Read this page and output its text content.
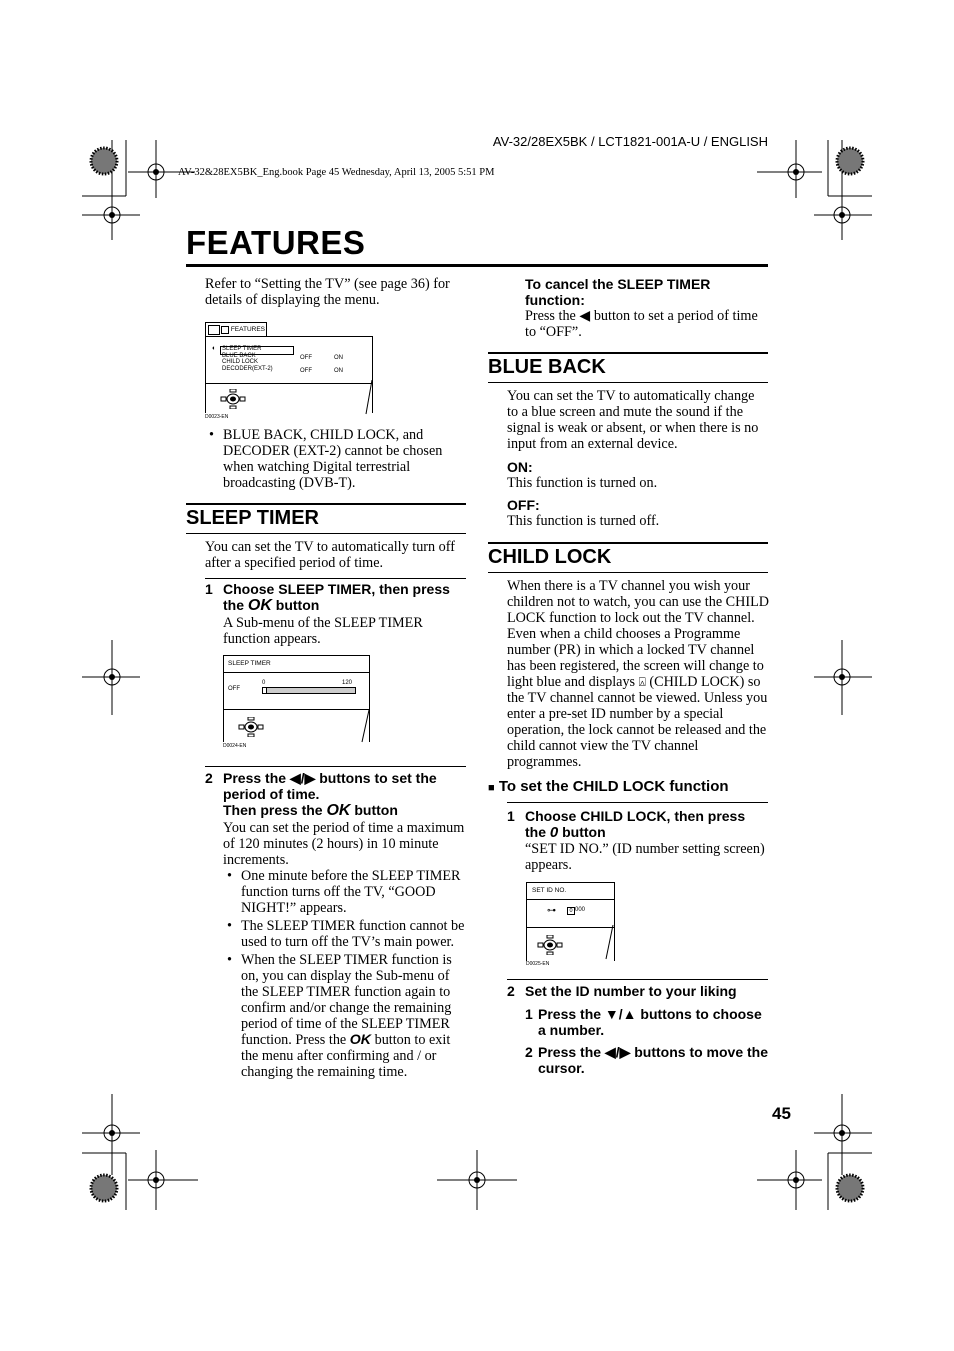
AV-32/28EX5BK / LCT1821-001A-U / ENGLISH
AV-32&28EX5BK_Eng.book Page 45 Wednesday, April 13, 2005 5:51 PM
FEATURES
Refer to “Setting the TV” (see page 36) for details of displaying the menu.
FEATURES
◐ SLEEP TIMER
BLUE BACK
CHILD LOCK
DECODER(EXT-2)
OFF
OFF
ON
ON
D0023-EN
• BLUE BACK, CHILD LOCK, and DECODER (EXT-2) cannot be chosen when watching Digital terrestrial broadcasting (DVB-T).
SLEEP TIMER
You can set the TV to automatically turn off after a specified period of time.
1 Choose SLEEP TIMER, then press the OK button
A Sub-menu of the SLEEP TIMER function appears.
SLEEP TIMER
0	120
OFF
D0024-EN
2 Press the ◀/▶ buttons to set the period of time.
Then press the OK button
You can set the period of time a maximum of 120 minutes (2 hours) in 10 minute increments.
• One minute before the SLEEP TIMER function turns off the TV, “GOOD NIGHT!” appears.
• The SLEEP TIMER function cannot be used to turn off the TV’s main power.
• When the SLEEP TIMER function is on, you can display the Sub-menu of the SLEEP TIMER function again to confirm and/or change the remaining period of time of the SLEEP TIMER function. Press the OK button to exit the menu after confirming and / or changing the remaining time.
To cancel the SLEEP TIMER function:
Press the ◀ button to set a period of time to “OFF”.
BLUE BACK
You can set the TV to automatically change to a blue screen and mute the sound if the signal is weak or absent, or when there is no input from an external device.
ON:
This function is turned on.
OFF:
This function is turned off.
CHILD LOCK
When there is a TV channel you wish your children not to watch, you can use the CHILD LOCK function to lock out the TV channel. Even when a child chooses a Programme number (PR) in which a locked TV channel has been registered, the screen will change to light blue and displays ⍓ (CHILD LOCK) so the TV channel cannot be viewed. Unless you enter a pre-set ID number by a special operation, the lock cannot be released and the child cannot view the TV channel programmes.
■ To set the CHILD LOCK function
1 Choose CHILD LOCK, then press the 0 button
“SET ID NO.” (ID number setting screen) appears.
SET ID NO.
⊶	0 000
D0025-EN
2 Set the ID number to your liking
1 Press the ▼/▲ buttons to choose a number.
2 Press the ◀/▶ buttons to move the cursor.
45
